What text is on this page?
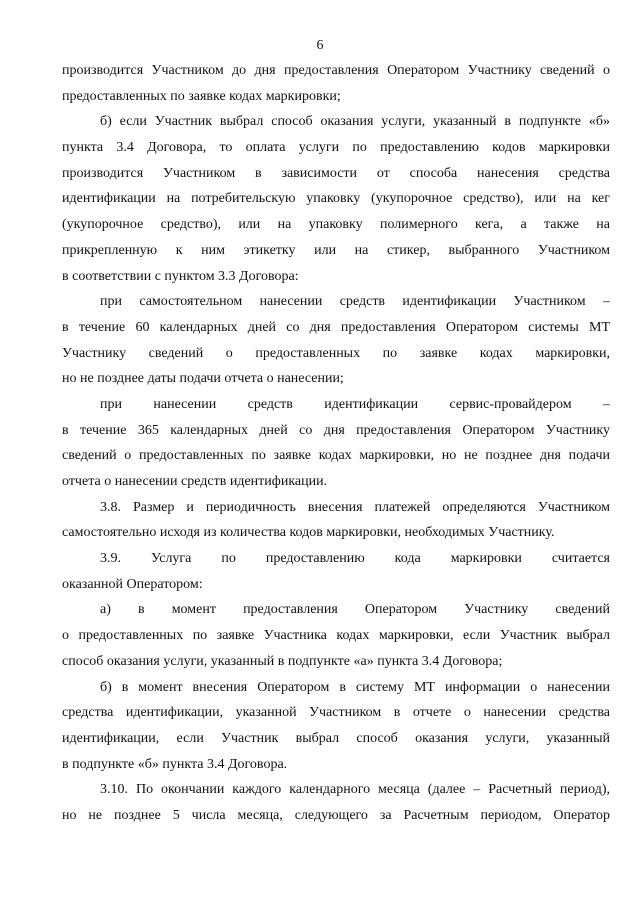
6
производится Участником до дня предоставления Оператором Участнику сведений о
предоставленных по заявке кодах маркировки;
б) если Участник выбрал способ оказания услуги, указанный в подпункте «б»
пункта 3.4 Договора, то оплата услуги по предоставлению кодов маркировки
производится Участником в зависимости от способа нанесения средства
идентификации на потребительскую упаковку (укупорочное средство), или на кег
(укупорочное средство), или на упаковку полимерного кега, а также на
прикрепленную к ним этикетку или на стикер, выбранного Участником
в соответствии с пунктом 3.3 Договора:
при самостоятельном нанесении средств идентификации Участником –
в течение 60 календарных дней со дня предоставления Оператором системы МТ
Участнику сведений о предоставленных по заявке кодах маркировки,
но не позднее даты подачи отчета о нанесении;
при нанесении средств идентификации сервис-провайдером –
в течение 365 календарных дней со дня предоставления Оператором Участнику
сведений о предоставленных по заявке кодах маркировки, но не позднее дня подачи
отчета о нанесении средств идентификации.
3.8. Размер и периодичность внесения платежей определяются Участником
самостоятельно исходя из количества кодов маркировки, необходимых Участнику.
3.9. Услуга по предоставлению кода маркировки считается
оказанной Оператором:
а) в момент предоставления Оператором Участнику сведений
о предоставленных по заявке Участника кодах маркировки, если Участник выбрал
способ оказания услуги, указанный в подпункте «а» пункта 3.4 Договора;
б) в момент внесения Оператором в систему МТ информации о нанесении
средства идентификации, указанной Участником в отчете о нанесении средства
идентификации, если Участник выбрал способ оказания услуги, указанный
в подпункте «б» пункта 3.4 Договора.
3.10. По окончании каждого календарного месяца (далее – Расчетный период),
но не позднее 5 числа месяца, следующего за Расчетным периодом, Оператор
